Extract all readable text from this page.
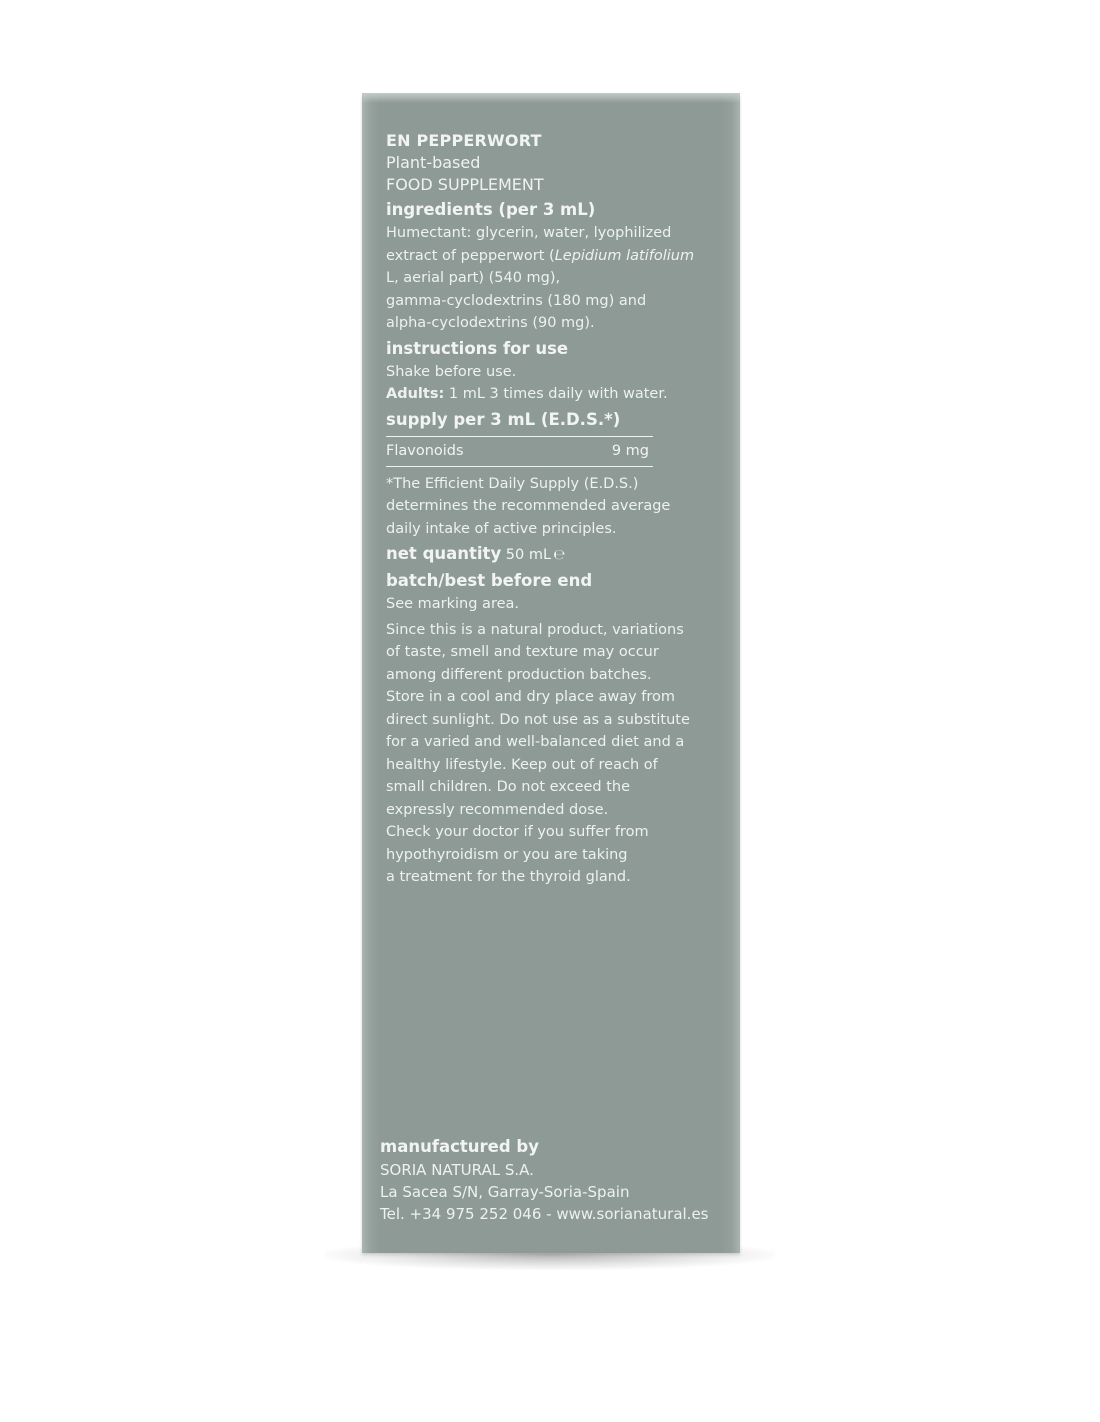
EN PEPPERWORT

Plant-based

FOOD SUPPLEMENT

ingredients (per 3 mL)

Humectant: glycerin, water, lyophilized

extract of pepperwort (Lepidium latifolium

L, aerial part) (540 mg),

gamma-cyclodextrins (180 mg) and

alpha-cyclodextrins (90 mg).

instructions for use

Shake before use.

Adults: 1 mL 3 times daily with water.

supply per 3 mL (E.D.S.*)

Flavonoids	9 mg

*The Efficient Daily Supply (E.D.S.)

determines the recommended average

daily intake of active principles.

net quantity 50 mL ℮

batch/best before end

See marking area.

Since this is a natural product, variations

of taste, smell and texture may occur

among different production batches.

Store in a cool and dry place away from

direct sunlight. Do not use as a substitute

for a varied and well-balanced diet and a

healthy lifestyle. Keep out of reach of

small children. Do not exceed the

expressly recommended dose.

Check your doctor if you suffer from

hypothyroidism or you are taking

a treatment for the thyroid gland.

manufactured by

SORIA NATURAL S.A.

La Sacea S/N, Garray-Soria-Spain

Tel. +34 975 252 046 - www.sorianatural.es
